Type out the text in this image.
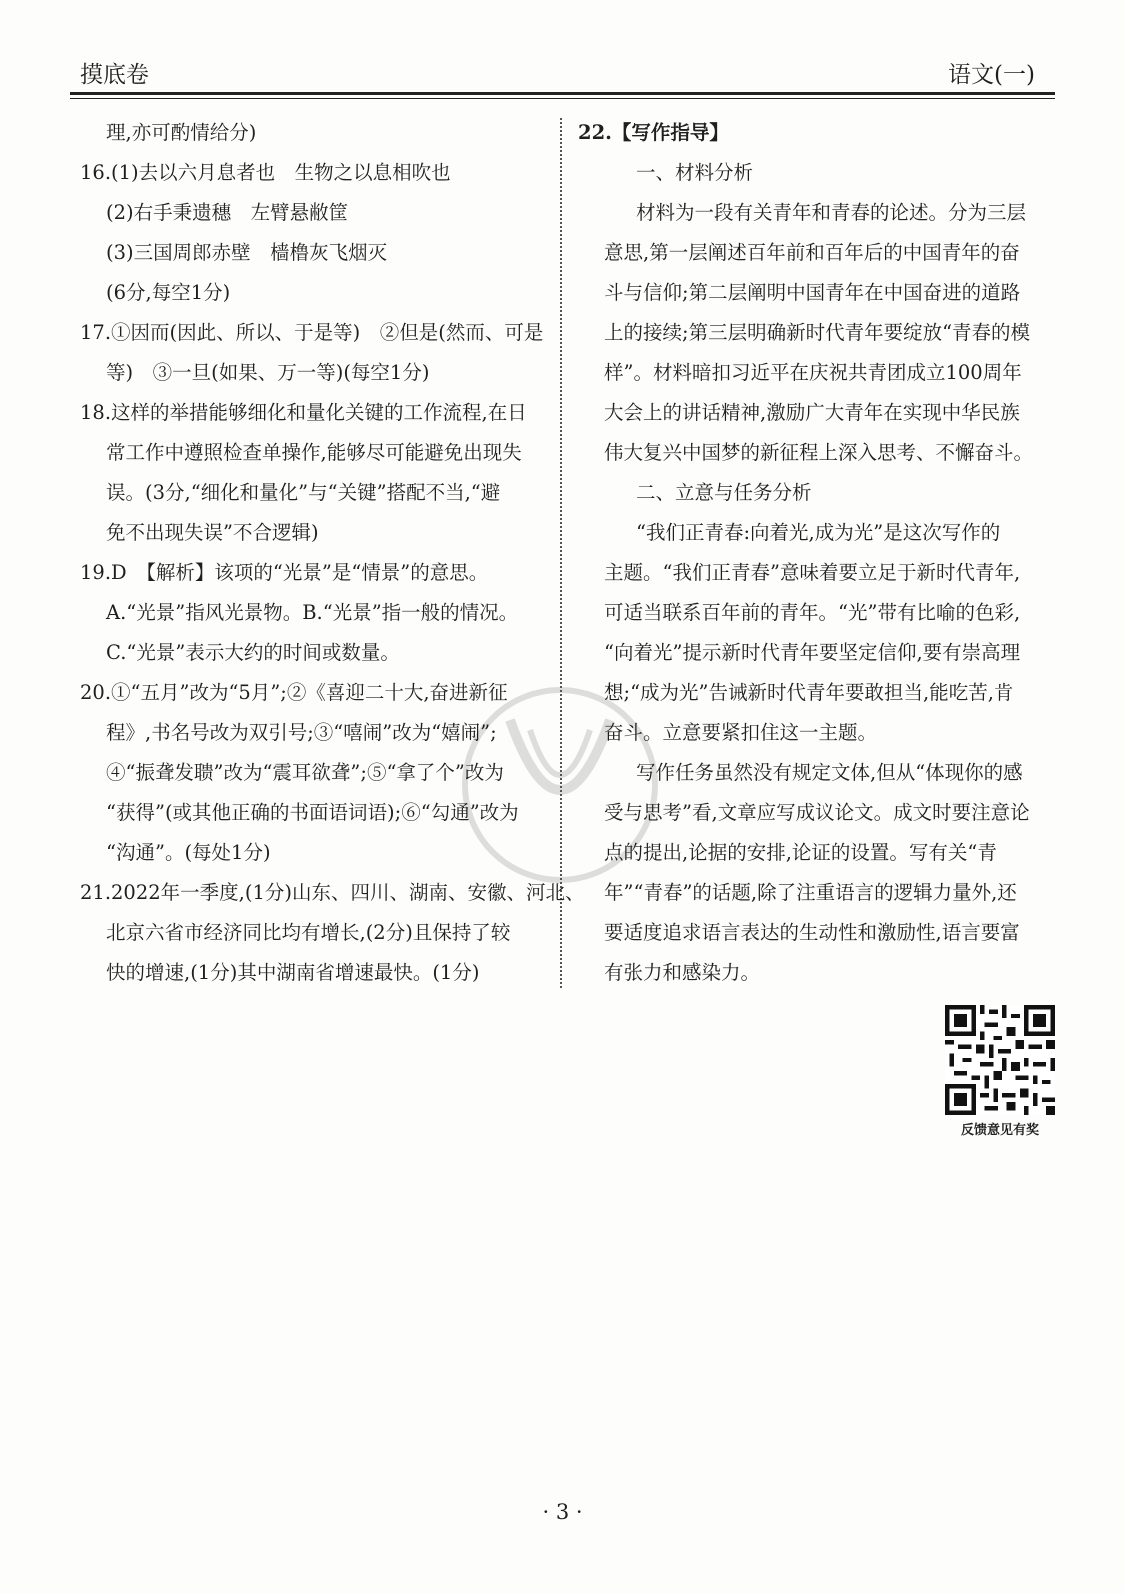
摸底卷	语文(一)
理,亦可酌情给分)
16.(1)去以六月息者也　生物之以息相吹也
(2)右手秉遗穗　左臂悬敝筐
(3)三国周郎赤壁　樯橹灰飞烟灭
(6分,每空1分)
17.①因而(因此、所以、于是等)　②但是(然而、可是
等)　③一旦(如果、万一等)(每空1分)
18.这样的举措能够细化和量化关键的工作流程,在日
常工作中遵照检查单操作,能够尽可能避免出现失
误。(3分,“细化和量化”与“关键”搭配不当,“避
免不出现失误”不合逻辑)
19.D　【解析】该项的“光景”是“情景”的意思。
A.“光景”指风光景物。B.“光景”指一般的情况。
C.“光景”表示大约的时间或数量。
20.①“五月”改为“5月”;②《喜迎二十大,奋进新征
程》,书名号改为双引号;③“嘻闹”改为“嬉闹”;
④“振聋发聩”改为“震耳欲聋”;⑤“拿了个”改为
“获得”(或其他正确的书面语词语);⑥“勾通”改为
“沟通”。(每处1分)
21.2022年一季度,(1分)山东、四川、湖南、安徽、河北、
北京六省市经济同比均有增长,(2分)且保持了较
快的增速,(1分)其中湖南省增速最快。(1分)
22.【写作指导】
一、材料分析
材料为一段有关青年和青春的论述。分为三层
意思,第一层阐述百年前和百年后的中国青年的奋
斗与信仰;第二层阐明中国青年在中国奋进的道路
上的接续;第三层明确新时代青年要绽放“青春的模
样”。材料暗扣习近平在庆祝共青团成立100周年
大会上的讲话精神,激励广大青年在实现中华民族
伟大复兴中国梦的新征程上深入思考、不懈奋斗。
二、立意与任务分析
“我们正青春:向着光,成为光”是这次写作的
主题。“我们正青春”意味着要立足于新时代青年,
可适当联系百年前的青年。“光”带有比喻的色彩,
“向着光”提示新时代青年要坚定信仰,要有崇高理
想;“成为光”告诫新时代青年要敢担当,能吃苦,肯
奋斗。立意要紧扣住这一主题。
写作任务虽然没有规定文体,但从“体现你的感
受与思考”看,文章应写成议论文。成文时要注意论
点的提出,论据的安排,论证的设置。写有关“青
年”“青春”的话题,除了注重语言的逻辑力量外,还
要适度追求语言表达的生动性和激励性,语言要富
有张力和感染力。
反馈意见有奖
· 3 ·
